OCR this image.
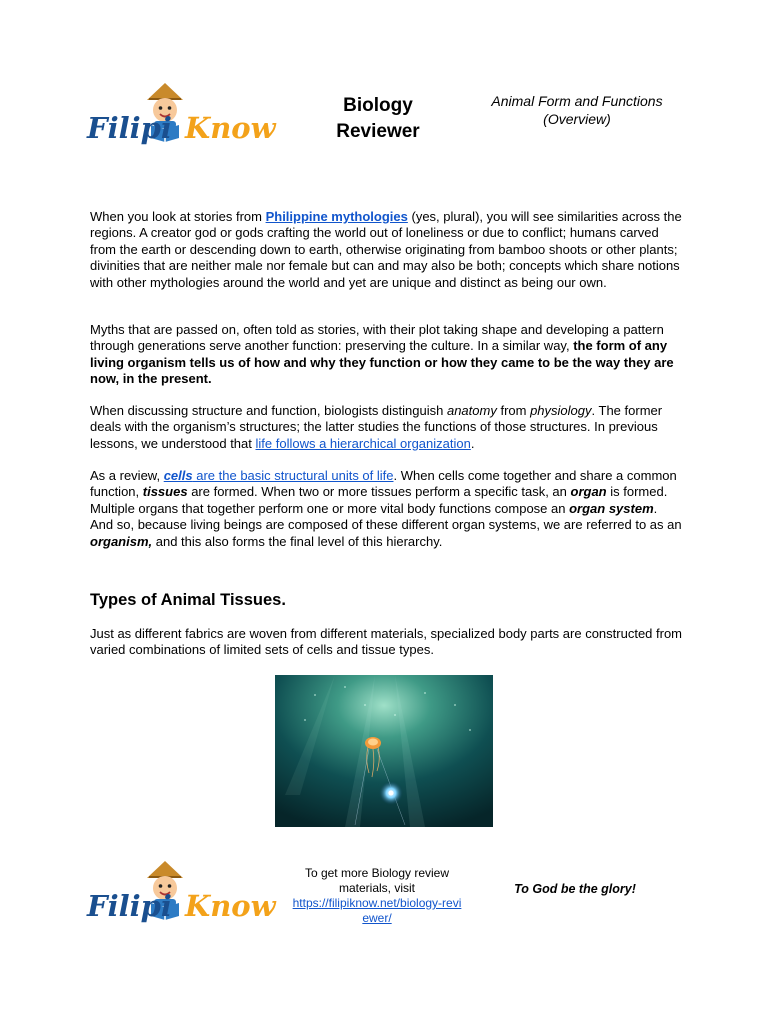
Filipi Know
Biology
Reviewer
Animal Form and Functions
(Overview)

When you look at stories from Philippine mythologies (yes, plural), you will see similarities across the regions. A creator god or gods crafting the world out of loneliness or due to conflict; humans carved from the earth or descending down to earth, otherwise originating from bamboo shoots or other plants; divinities that are neither male nor female but can and may also be both; concepts which share notions with other mythologies around the world and yet are unique and distinct as being our own.

Myths that are passed on, often told as stories, with their plot taking shape and developing a pattern through generations serve another function: preserving the culture. In a similar way, the form of any living organism tells us of how and why they function or how they came to be the way they are now, in the present.

When discussing structure and function, biologists distinguish anatomy from physiology. The former deals with the organism’s structures; the latter studies the functions of those structures. In previous lessons, we understood that life follows a hierarchical organization.

As a review, cells are the basic structural units of life. When cells come together and share a common function, tissues are formed. When two or more tissues perform a specific task, an organ is formed. Multiple organs that together perform one or more vital body functions compose an organ system. And so, because living beings are composed of these different organ systems, we are referred to as an organism, and this also forms the final level of this hierarchy.

Types of Animal Tissues.

Just as different fabrics are woven from different materials, specialized body parts are constructed from varied combinations of limited sets of cells and tissue types.

Filipi Know
To get more Biology review
materials, visit
https://filipiknow.net/biology-revi
ewer/
To God be the glory!
